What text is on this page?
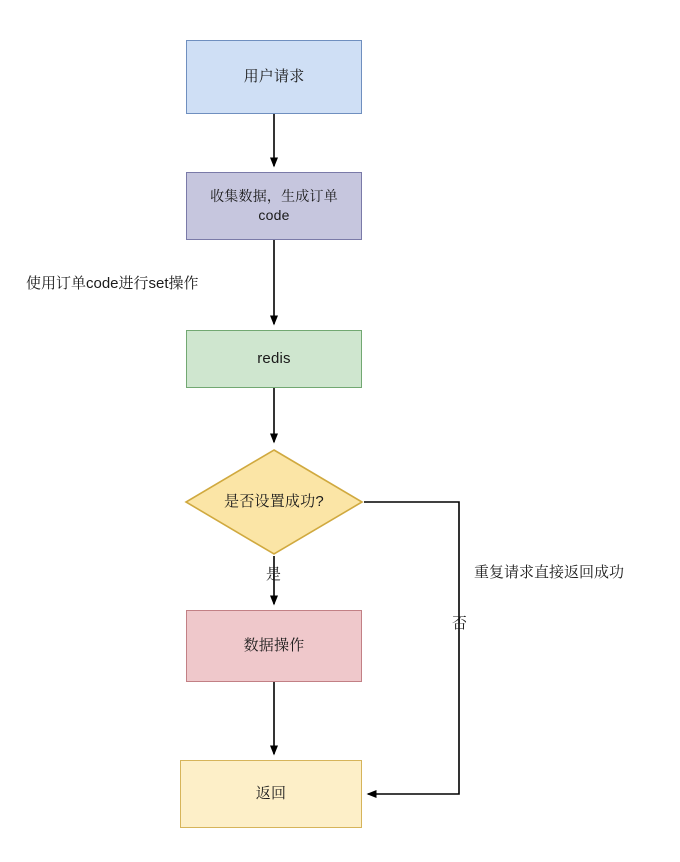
用户请求
收集数据，生成订单code
redis
是否设置成功?
数据操作
返回
使用订单code进行set操作
是
否
重复请求直接返回成功
